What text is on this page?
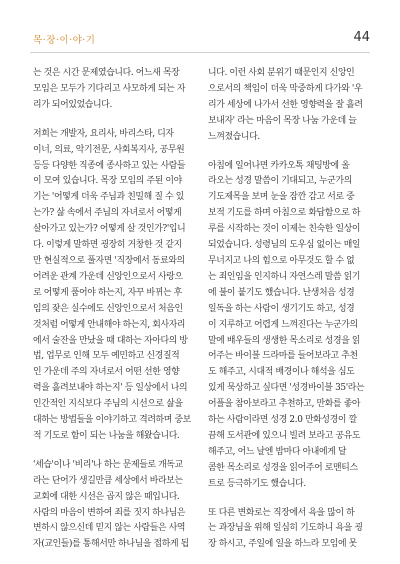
목·장·이·야·기	44

는 것은 시간 문제였습니다. 어느새 목장
모임은 모두가 기다리고 사모하게 되는 자
리가 되어있었습니다.

저희는 개발자, 요리사, 바리스타, 디자
이너, 의료, 악기전문, 사회복지사, 공무원
등등 다양한 직종에 종사하고 있는 사람들
이 모여 있습니다. 목장 모임의 주된 이야
기는 '어떻게 더욱 주님과 친밀해 질 수 있
는가? 삶 속에서 주님의 자녀로서 어떻게
살아가고 있는가? 어떻게 살 것인가?'입니
다. 이렇게 말하면 굉장히 거창한 것 같지
만 현실적으로 풀자면 '직장에서 동료와의
어려운 관계 가운데 신앙인으로서 사랑으
로 어떻게 품어야 하는지, 자꾸 바뀌는 후
임의 잦은 실수에도 신앙인으로서 처음인
것처럼 어떻게 안내해야 하는지, 회사자리
에서 술잔을 만났을 때 대하는 자아다의 방
법, 업무로 인해 모두 예민하고 신경질적
인 가운데 주의 자녀로서 어떤 선한 영향
력을 흘려보내야 하는지' 등 일상에서 나의
인간적인 지식보다 주님의 시선으로 삶을
대하는 방법들을 이야기하고 격려하며 중보
적 기도로 함이 되는 나눔을 해왔습니다.

'세습'이나 '비리'나 하는 문제들로 개독교
라는 단어가 생길만큼 세상에서 바라보는
교회에 대한 시선은 곱지 않은 때입니다.
사람의 마음이 변하여 죄를 짓지 하나님은
변하시 않으신데 믿지 않는 사람들은 사역
자(교인들)를 통해서만 하나님을 접하게 됩

니다. 이런 사회 분위기 때문인지 신앙인
으로서의 책임이 더욱 막중하게 다가와 '우
리가 세상에 나가서 선한 영향력을 잘 흘려
보내자' 라는 마음이 목장 나눔 가운데 늘
느껴졌습니다.

아침에 일어나면 카카오톡 채팅방에 올
라오는 성경 말씀이 기대되고, 누군가의
기도제목을 보며 눈을 잠깐 감고 서로 중
보적 기도를 하며 아침으로 화답함으로 하
루를 시작하는 것이 이제는 친숙한 일상이
되었습니다. 성령님의 도우심 없이는 매일
무너지고 나의 힘으로 아무것도 할 수 없
는 죄인임을 인지하니 자연스레 말씀 읽기
에 불이 붙기도 했습니다. 난생처음 성경
일독을 하는 사람이 생기기도 하고, 성경
이 지루하고 어렵게 느껴진다는 누군가의
말에 배우들의 생생한 목소리로 성경을 읽
어주는 바이블 드라마를 들어보라고 추천
도 해주고, 시대적 배경이나 해석을 심도
있게 묵상하고 싶다면 '성경바이블 35'라는
어플을 참아보라고 추천하고, 만화를 좋아
하는 사람이라면 성경 2.0 만화성경이 깔
끔해 도서관에 있으니 빌려 보라고 공유도
해주고, 어느 날엔 밤마다 아내에게 달
콤한 목소리로 성경을 읽어주어 로맨티스
트로 등극하기도 했습니다.

또 다른 변화로는 직장에서 욕을 많이 하
는 과장님을 위해 일심히 기도하니 욕을 굉
장 하시고, 주일에 일을 하느라 모임에 못
